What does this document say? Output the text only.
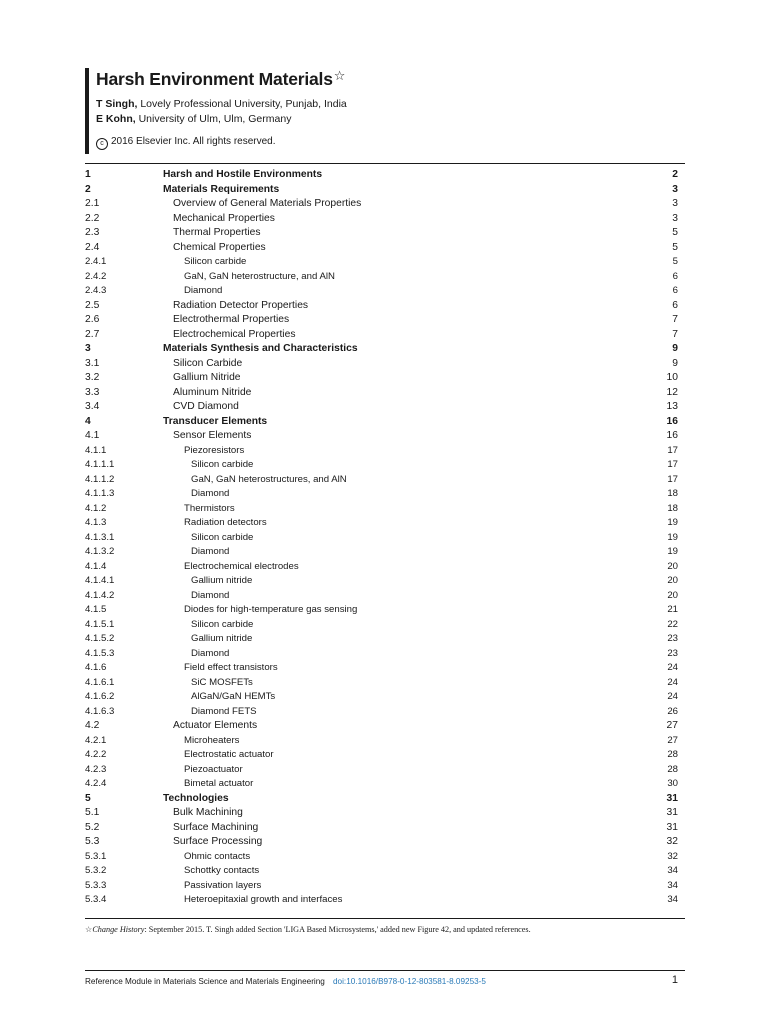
Harsh Environment Materials☆
T Singh, Lovely Professional University, Punjab, India
E Kohn, University of Ulm, Ulm, Germany
c 2016 Elsevier Inc. All rights reserved.
1	Harsh and Hostile Environments	2
2	Materials Requirements	3
2.1	Overview of General Materials Properties	3
2.2	Mechanical Properties	3
2.3	Thermal Properties	5
2.4	Chemical Properties	5
2.4.1	Silicon carbide	5
2.4.2	GaN, GaN heterostructure, and AlN	6
2.4.3	Diamond	6
2.5	Radiation Detector Properties	6
2.6	Electrothermal Properties	7
2.7	Electrochemical Properties	7
3	Materials Synthesis and Characteristics	9
3.1	Silicon Carbide	9
3.2	Gallium Nitride	10
3.3	Aluminum Nitride	12
3.4	CVD Diamond	13
4	Transducer Elements	16
4.1	Sensor Elements	16
4.1.1	Piezoresistors	17
4.1.1.1	Silicon carbide	17
4.1.1.2	GaN, GaN heterostructures, and AlN	17
4.1.1.3	Diamond	18
4.1.2	Thermistors	18
4.1.3	Radiation detectors	19
4.1.3.1	Silicon carbide	19
4.1.3.2	Diamond	19
4.1.4	Electrochemical electrodes	20
4.1.4.1	Gallium nitride	20
4.1.4.2	Diamond	20
4.1.5	Diodes for high-temperature gas sensing	21
4.1.5.1	Silicon carbide	22
4.1.5.2	Gallium nitride	23
4.1.5.3	Diamond	23
4.1.6	Field effect transistors	24
4.1.6.1	SiC MOSFETs	24
4.1.6.2	AlGaN/GaN HEMTs	24
4.1.6.3	Diamond FETS	26
4.2	Actuator Elements	27
4.2.1	Microheaters	27
4.2.2	Electrostatic actuator	28
4.2.3	Piezoactuator	28
4.2.4	Bimetal actuator	30
5	Technologies	31
5.1	Bulk Machining	31
5.2	Surface Machining	31
5.3	Surface Processing	32
5.3.1	Ohmic contacts	32
5.3.2	Schottky contacts	34
5.3.3	Passivation layers	34
5.3.4	Heteroepitaxial growth and interfaces	34
☆Change History: September 2015. T. Singh added Section 'LIGA Based Microsystems,' added new Figure 42, and updated references.
Reference Module in Materials Science and Materials Engineering doi:10.1016/B978-0-12-803581-8.09253-5	1
